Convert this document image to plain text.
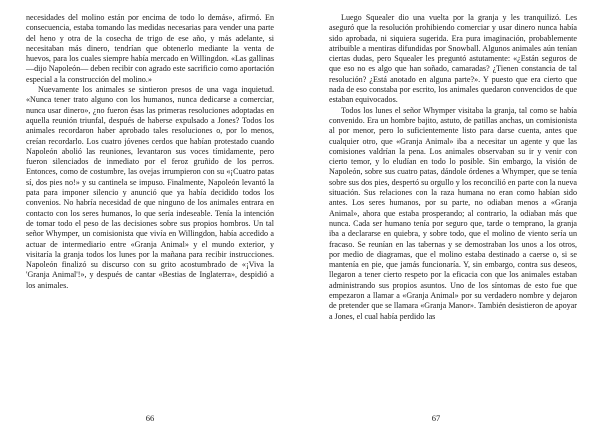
necesidades del molino están por encima de todo lo demás», afirmó. En consecuencia, estaba tomando las medidas necesarias para vender una parte del heno y otra de la cosecha de trigo de ese año, y más adelante, si necesitaban más dinero, tendrían que obtenerlo mediante la venta de huevos, para los cuales siempre había mercado en Willingdon. «Las gallinas —dijo Napoleón— deben recibir con agrado este sacrificio como aportación especial a la construcción del molino.»

Nuevamente los animales se sintieron presos de una vaga inquietud. «Nunca tener trato alguno con los humanos, nunca dedicarse a comerciar, nunca usar dinero», ¿no fueron ésas las primeras resoluciones adoptadas en aquella reunión triunfal, después de haberse expulsado a Jones? Todos los animales recordaron haber aprobado tales resoluciones o, por lo menos, creían recordarlo. Los cuatro jóvenes cerdos que habían protestado cuando Napoleón abolió las reuniones, levantaron sus voces tímidamente, pero fueron silenciados de inmediato por el feroz gruñido de los perros. Entonces, como de costumbre, las ovejas irrumpieron con su «¡Cuatro patas sí, dos pies no!» y su cantinela se impuso. Finalmente, Napoleón levantó la pata para imponer silencio y anunció que ya había decidido todos los convenios. No habría necesidad de que ninguno de los animales entrara en contacto con los seres humanos, lo que sería indeseable. Tenía la intención de tomar todo el peso de las decisiones sobre sus propios hombros. Un tal señor Whymper, un comisionista que vivía en Willingdon, había accedido a actuar de intermediario entre «Granja Animal» y el mundo exterior, y visitaría la granja todos los lunes por la mañana para recibir instrucciones. Napoleón finalizó su discurso con su grito acostumbrado de «¡Viva la 'Granja Animal'!», y después de cantar «Bestias de Inglaterra», despidió a los animales.

Luego Squealer dio una vuelta por la granja y les tranquilizó. Les aseguró que la resolución prohibiendo comerciar y usar dinero nunca había sido aprobada, ni siquiera sugerida. Era pura imaginación, probablemente atribuible a mentiras difundidas por Snowball. Algunos animales aún tenían ciertas dudas, pero Squealer les preguntó astutamente: «¿Están seguros de que eso no es algo que han soñado, camaradas? ¿Tienen constancia de tal resolución? ¿Está anotado en alguna parte?». Y puesto que era cierto que nada de eso constaba por escrito, los animales quedaron convencidos de que estaban equivocados.

Todos los lunes el señor Whymper visitaba la granja, tal como se había convenido. Era un hombre bajito, astuto, de patillas anchas, un comisionista al por menor, pero lo suficientemente listo para darse cuenta, antes que cualquier otro, que «Granja Animal» iba a necesitar un agente y que las comisiones valdrían la pena. Los animales observaban su ir y venir con cierto temor, y lo eludían en todo lo posible. Sin embargo, la visión de Napoleón, sobre sus cuatro patas, dándole órdenes a Whymper, que se tenía sobre sus dos pies, despertó su orgullo y los reconcilió en parte con la nueva situación. Sus relaciones con la raza humana no eran como habían sido antes. Los seres humanos, por su parte, no odiaban menos a «Granja Animal», ahora que estaba prosperando; al contrario, la odiaban más que nunca. Cada ser humano tenía por seguro que, tarde o temprano, la granja iba a declararse en quiebra, y sobre todo, que el molino de viento sería un fracaso. Se reunían en las tabernas y se demostraban los unos a los otros, por medio de diagramas, que el molino estaba destinado a caerse o, si se mantenía en pie, que jamás funcionaría. Y, sin embargo, contra sus deseos, llegaron a tener cierto respeto por la eficacia con que los animales estaban administrando sus propios asuntos. Uno de los síntomas de esto fue que empezaron a llamar a «Granja Animal» por su verdadero nombre y dejaron de pretender que se llamara «Granja Manor». También desistieron de apoyar a Jones, el cual había perdido las

66	67
